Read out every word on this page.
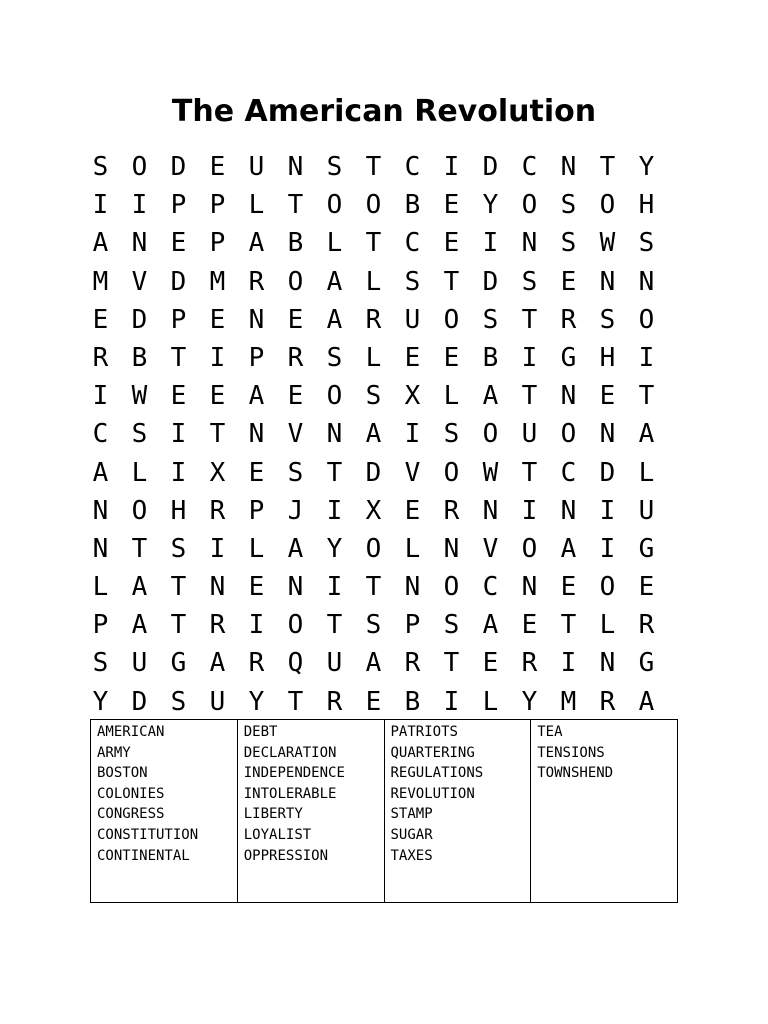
The American Revolution
S O D E U N S T C I D C N T Y
I I P P L T O O B E Y O S O H
A N E P A B L T C E I N S W S
M V D M R O A L S T D S E N N
E D P E N E A R U O S T R S O
R B T I P R S L E E B I G H I
I W E E A E O S X L A T N E T
C S I T N V N A I S O U O N A
A L I X E S T D V O W T C D L
N O H R P J I X E R N I N I U
N T S I L A Y O L N V O A I G
L A T N E N I T N O C N E O E
P A T R I O T S P S A E T L R
S U G A R Q U A R T E R I N G
Y D S U Y T R E B I L Y M R A
AMERICAN
ARMY
BOSTON
COLONIES
CONGRESS
CONSTITUTION
CONTINENTAL
DEBT
DECLARATION
INDEPENDENCE
INTOLERABLE
LIBERTY
LOYALIST
OPPRESSION
PATRIOTS
QUARTERING
REGULATIONS
REVOLUTION
STAMP
SUGAR
TAXES
TEA
TENSIONS
TOWNSHEND
